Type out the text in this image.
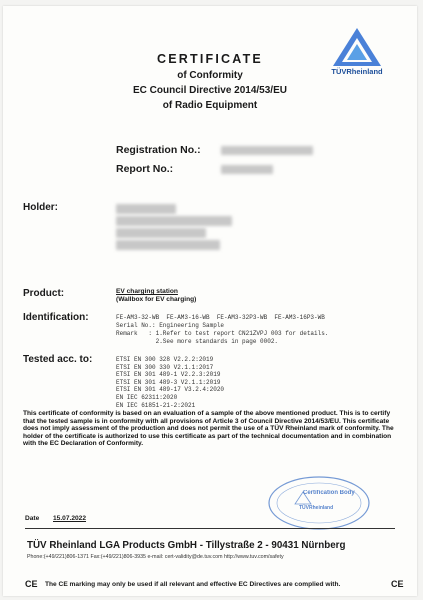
TÜVRheinland
CERTIFICATE
of Conformity
EC Council Directive 2014/53/EU
of Radio Equipment
Registration No.:
Report No.:
Holder:
Product:	EV charging station
(Wallbox for EV charging)
Identification:	FE-AM3-32-WB  FE-AM3-16-WB  FE-AM3-32P3-WB  FE-AM3-16P3-WB
Serial No.: Engineering Sample
Remark   : 1.Refer to test report CN21ZVPJ 003 for details.
2.See more standards in page 0002.
Tested acc. to:	ETSI EN 300 328 V2.2.2:2019
ETSI EN 300 330 V2.1.1:2017
ETSI EN 301 489-1 V2.2.3:2019
ETSI EN 301 489-3 V2.1.1:2019
ETSI EN 301 489-17 V3.2.4:2020
EN IEC 62311:2020
EN IEC 61851-21-2:2021
This certificate of conformity is based on an evaluation of a sample of the above mentioned product. This is to certify that the tested sample is in conformity with all provisions of Article 3 of Council Directive 2014/53/EU. This certificate does not imply assessment of the production and does not permit the use of a TÜV Rheinland mark of conformity. The holder of the certificate is authorized to use this certificate as part of the technical documentation and in combination with the EC Declaration of Conformity.
Certification Body
TÜVRheinland
Date 15.07.2022
TÜV Rheinland LGA Products GmbH - Tillystraße 2 - 90431 Nürnberg
Phone:(+49/221)806-1371 Fax:(+49/221)806-3935 e-mail: cert-validity@de.tuv.com http://www.tuv.com/safety
CE The CE marking may only be used if all relevant and effective EC Directives are complied with.	CE
